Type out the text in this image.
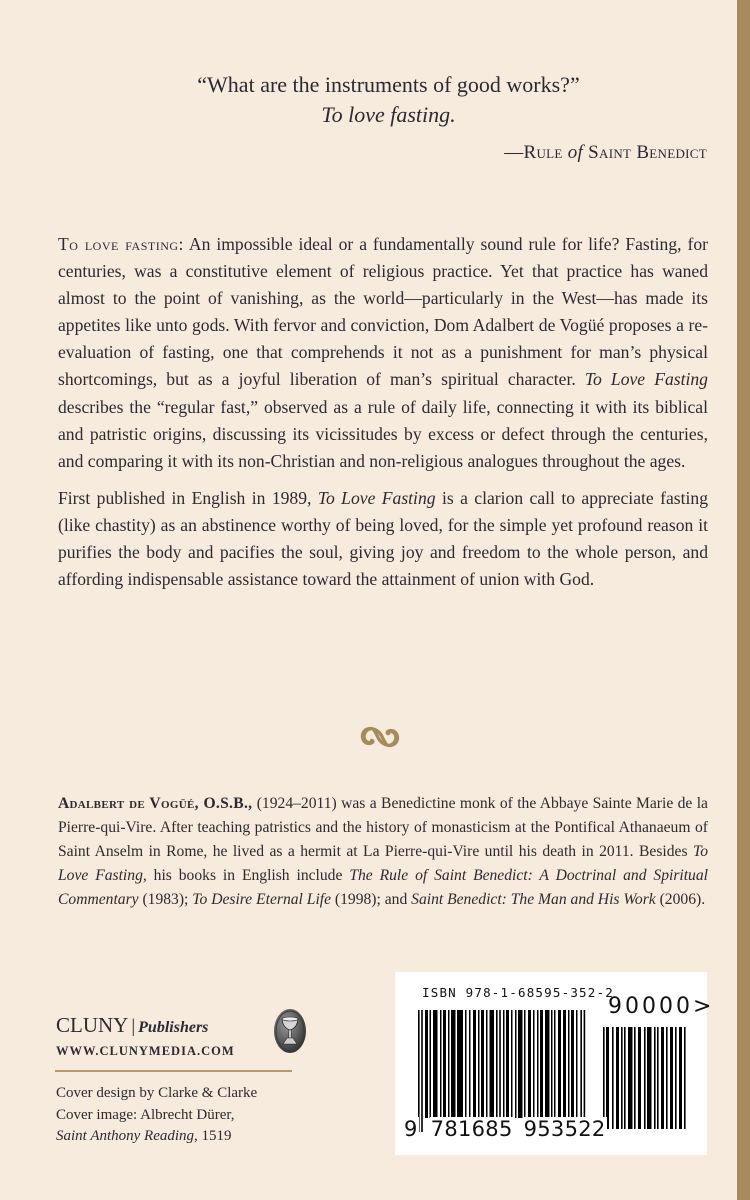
“What are the instruments of good works?”
To love fasting.
—Rule of Saint Benedict

To love fasting: An impossible ideal or a fundamentally sound rule for life? Fasting, for centuries, was a constitutive element of religious practice. Yet that practice has waned almost to the point of vanishing, as the world—particularly in the West—has made its appetites like unto gods. With fervor and conviction, Dom Adalbert de Vogüé proposes a re-evaluation of fasting, one that comprehends it not as a punishment for man’s physical shortcomings, but as a joyful liberation of man’s spiritual character. To Love Fasting describes the “regular fast,” observed as a rule of daily life, connecting it with its biblical and patristic origins, discussing its vicissitudes by excess or defect through the centuries, and comparing it with its non-Christian and non-religious analogues throughout the ages.

First published in English in 1989, To Love Fasting is a clarion call to appreciate fasting (like chastity) as an abstinence worthy of being loved, for the simple yet profound reason it purifies the body and pacifies the soul, giving joy and freedom to the whole person, and affording indispensable assistance toward the attainment of union with God.

Adalbert de Vogüé, O.S.B., (1924–2011) was a Benedictine monk of the Abbaye Sainte Marie de la Pierre-qui-Vire. After teaching patristics and the history of monasticism at the Pontifical Athanaeum of Saint Anselm in Rome, he lived as a hermit at La Pierre-qui-Vire until his death in 2011. Besides To Love Fasting, his books in English include The Rule of Saint Benedict: A Doctrinal and Spiritual Commentary (1983); To Desire Eternal Life (1998); and Saint Benedict: The Man and His Work (2006).
CLUNY | Publishers
WWW.CLUNYMEDIA.COM
Cover design by Clarke & Clarke
Cover image: Albrecht Dürer,
Saint Anthony Reading, 1519
ISBN 978-1-68595-352-2
90000>
9 781685 953522
